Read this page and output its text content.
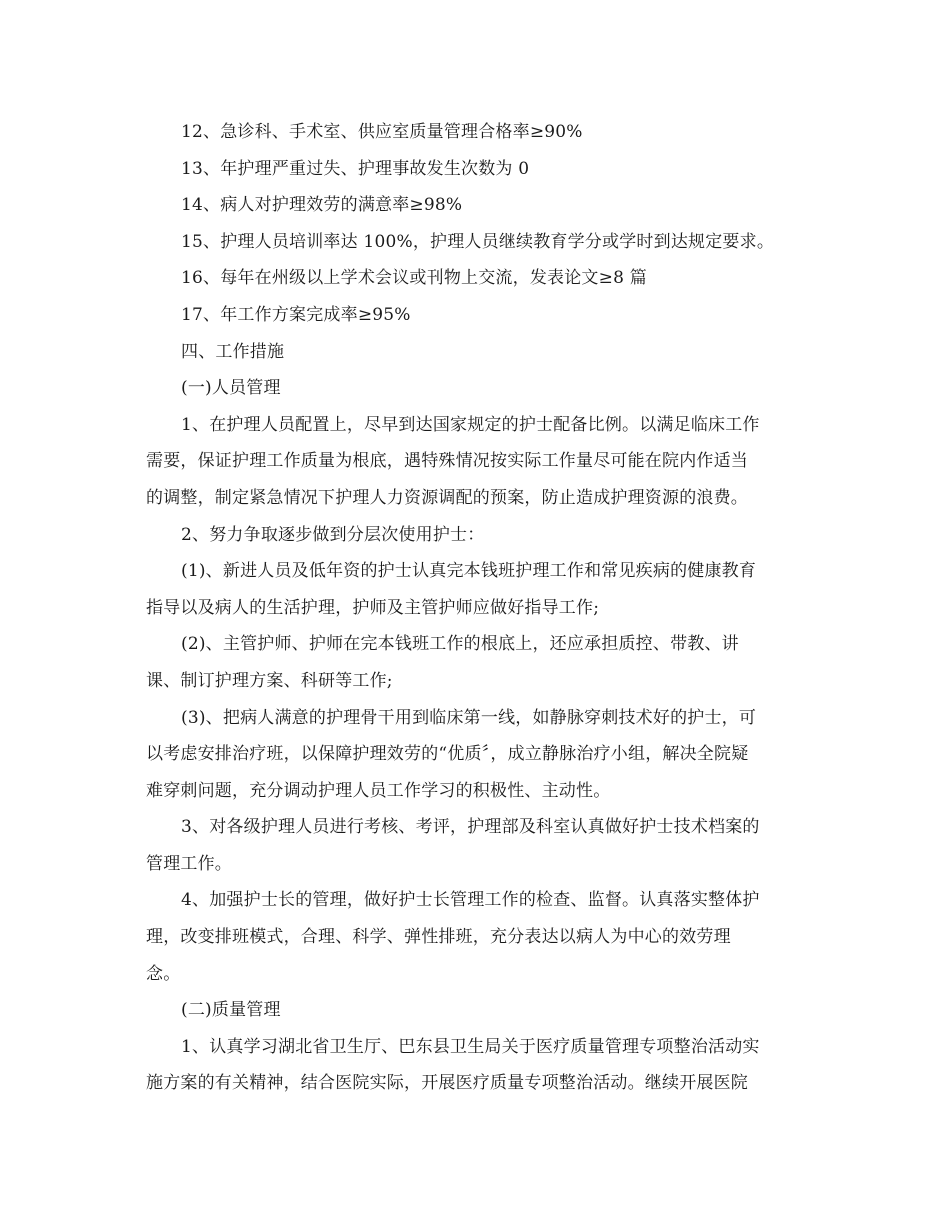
12、急诊科、手术室、供应室质量管理合格率≥90%
13、年护理严重过失、护理事故发生次数为 0
14、病人对护理效劳的满意率≥98%
15、护理人员培训率达 100%，护理人员继续教育学分或学时到达规定要求。
16、每年在州级以上学术会议或刊物上交流，发表论文≥8 篇
17、年工作方案完成率≥95%
四、工作措施
(一)人员管理
1、在护理人员配置上，尽早到达国家规定的护士配备比例。以满足临床工作
需要，保证护理工作质量为根底，遇特殊情况按实际工作量尽可能在院内作适当
的调整，制定紧急情况下护理人力资源调配的预案，防止造成护理资源的浪费。
2、努力争取逐步做到分层次使用护士：
(1)、新进人员及低年资的护士认真完本钱班护理工作和常见疾病的健康教育
指导以及病人的生活护理，护师及主管护师应做好指导工作;
(2)、主管护师、护师在完本钱班工作的根底上，还应承担质控、带教、讲
课、制订护理方案、科研等工作;
(3)、把病人满意的护理骨干用到临床第一线，如静脉穿刺技术好的护士，可
以考虑安排治疗班，以保障护理效劳的“优质〞，成立静脉治疗小组，解决全院疑
难穿刺问题，充分调动护理人员工作学习的积极性、主动性。
3、对各级护理人员进行考核、考评，护理部及科室认真做好护士技术档案的
管理工作。
4、加强护士长的管理，做好护士长管理工作的检查、监督。认真落实整体护
理，改变排班模式，合理、科学、弹性排班，充分表达以病人为中心的效劳理
念。
(二)质量管理
1、认真学习湖北省卫生厅、巴东县卫生局关于医疗质量管理专项整治活动实
施方案的有关精神，结合医院实际，开展医疗质量专项整治活动。继续开展医院
